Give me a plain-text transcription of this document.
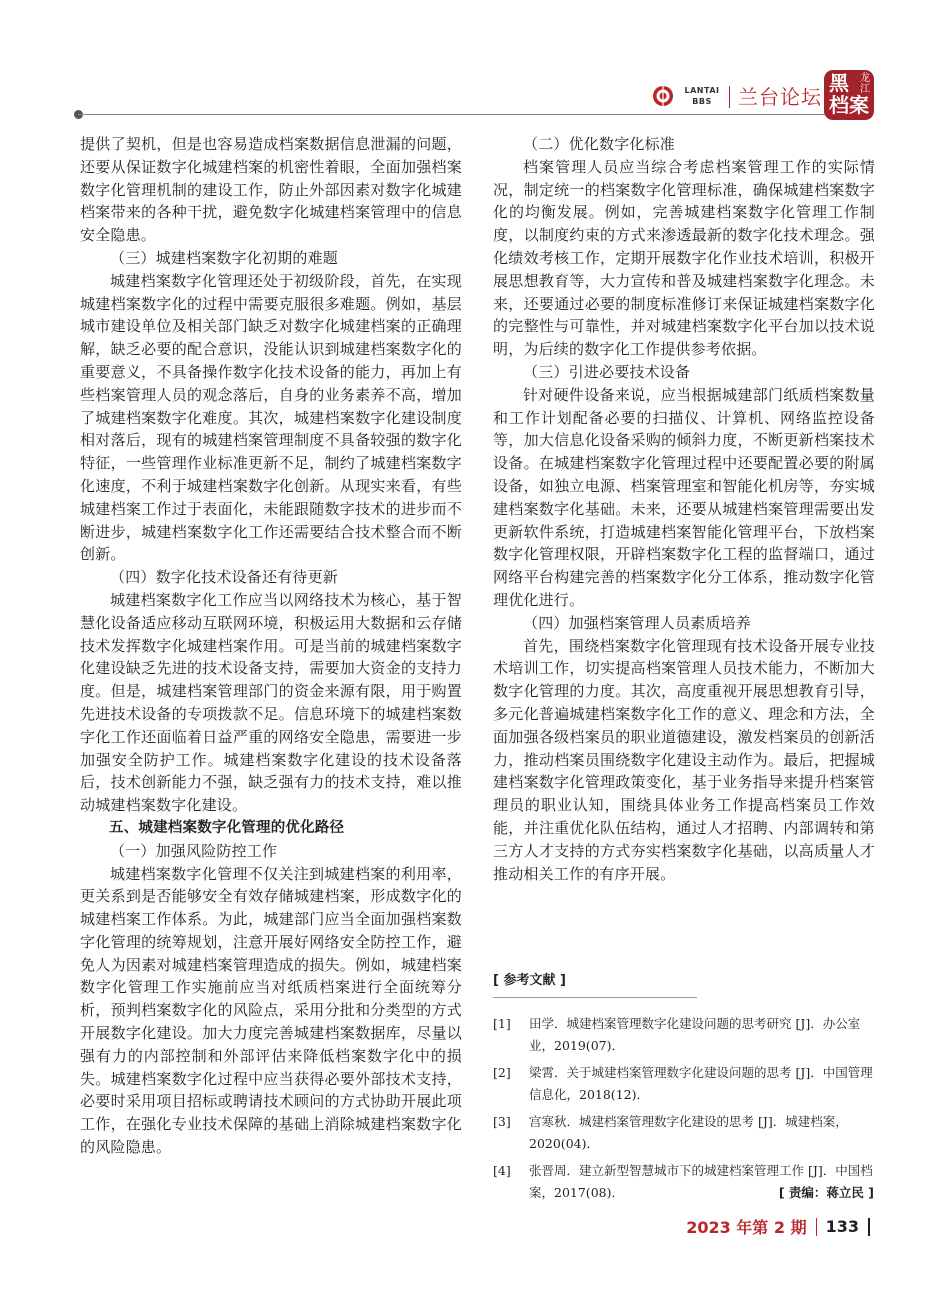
LANTAI
BBS	兰台论坛
黑
档案
龙江

提供了契机，但是也容易造成档案数据信息泄漏的问题，还要从保证数字化城建档案的机密性着眼，全面加强档案数字化管理机制的建设工作，防止外部因素对数字化城建档案带来的各种干扰，避免数字化城建档案管理中的信息安全隐患。

（三）城建档案数字化初期的难题

城建档案数字化管理还处于初级阶段，首先，在实现城建档案数字化的过程中需要克服很多难题。例如，基层城市建设单位及相关部门缺乏对数字化城建档案的正确理解，缺乏必要的配合意识，没能认识到城建档案数字化的重要意义，不具备操作数字化技术设备的能力，再加上有些档案管理人员的观念落后，自身的业务素养不高，增加了城建档案数字化难度。其次，城建档案数字化建设制度相对落后，现有的城建档案管理制度不具备较强的数字化特征，一些管理作业标准更新不足，制约了城建档案数字化速度，不利于城建档案数字化创新。从现实来看，有些城建档案工作过于表面化，未能跟随数字技术的进步而不断进步，城建档案数字化工作还需要结合技术整合而不断创新。

（四）数字化技术设备还有待更新

城建档案数字化工作应当以网络技术为核心，基于智慧化设备适应移动互联网环境，积极运用大数据和云存储技术发挥数字化城建档案作用。可是当前的城建档案数字化建设缺乏先进的技术设备支持，需要加大资金的支持力度。但是，城建档案管理部门的资金来源有限，用于购置先进技术设备的专项拨款不足。信息环境下的城建档案数字化工作还面临着日益严重的网络安全隐患，需要进一步加强安全防护工作。城建档案数字化建设的技术设备落后，技术创新能力不强，缺乏强有力的技术支持，难以推动城建档案数字化建设。

五、城建档案数字化管理的优化路径
（一）加强风险防控工作

城建档案数字化管理不仅关注到城建档案的利用率，更关系到是否能够安全有效存储城建档案，形成数字化的城建档案工作体系。为此，城建部门应当全面加强档案数字化管理的统筹规划，注意开展好网络安全防控工作，避免人为因素对城建档案管理造成的损失。例如，城建档案数字化管理工作实施前应当对纸质档案进行全面统筹分析，预判档案数字化的风险点，采用分批和分类型的方式开展数字化建设。加大力度完善城建档案数据库，尽量以强有力的内部控制和外部评估来降低档案数字化中的损失。城建档案数字化过程中应当获得必要外部技术支持，必要时采用项目招标或聘请技术顾问的方式协助开展此项工作，在强化专业技术保障的基础上消除城建档案数字化的风险隐患。

（二）优化数字化标准

档案管理人员应当综合考虑档案管理工作的实际情况，制定统一的档案数字化管理标准，确保城建档案数字化的均衡发展。例如，完善城建档案数字化管理工作制度，以制度约束的方式来渗透最新的数字化技术理念。强化绩效考核工作，定期开展数字化作业技术培训，积极开展思想教育等，大力宣传和普及城建档案数字化理念。未来，还要通过必要的制度标准修订来保证城建档案数字化的完整性与可靠性，并对城建档案数字化平台加以技术说明，为后续的数字化工作提供参考依据。

（三）引进必要技术设备

针对硬件设备来说，应当根据城建部门纸质档案数量和工作计划配备必要的扫描仪、计算机、网络监控设备等，加大信息化设备采购的倾斜力度，不断更新档案技术设备。在城建档案数字化管理过程中还要配置必要的附属设备，如独立电源、档案管理室和智能化机房等，夯实城建档案数字化基础。未来，还要从城建档案管理需要出发更新软件系统，打造城建档案智能化管理平台，下放档案数字化管理权限，开辟档案数字化工程的监督端口，通过网络平台构建完善的档案数字化分工体系，推动数字化管理优化进行。

（四）加强档案管理人员素质培养

首先，围绕档案数字化管理现有技术设备开展专业技术培训工作，切实提高档案管理人员技术能力，不断加大数字化管理的力度。其次，高度重视开展思想教育引导，多元化普遍城建档案数字化工作的意义、理念和方法，全面加强各级档案员的职业道德建设，激发档案员的创新活力，推动档案员围绕数字化建设主动作为。最后，把握城建档案数字化管理政策变化，基于业务指导来提升档案管理员的职业认知，围绕具体业务工作提高档案员工作效能，并注重优化队伍结构，通过人才招聘、内部调转和第三方人才支持的方式夯实档案数字化基础，以高质量人才推动相关工作的有序开展。

[ 参考文献 ]
[1]	田学．城建档案管理数字化建设问题的思考研究 [J]．办公室业，2019(07)．
[2]	梁霄．关于城建档案管理数字化建设问题的思考 [J]．中国管理信息化，2018(12)．
[3]	宫寒秋．城建档案管理数字化建设的思考 [J]．城建档案，2020(04)．
[4]	张晋周．建立新型智慧城市下的城建档案管理工作 [J]．中国档案，2017(08)．	[ 责编：蒋立民 ]
2023 年第 2 期 133
